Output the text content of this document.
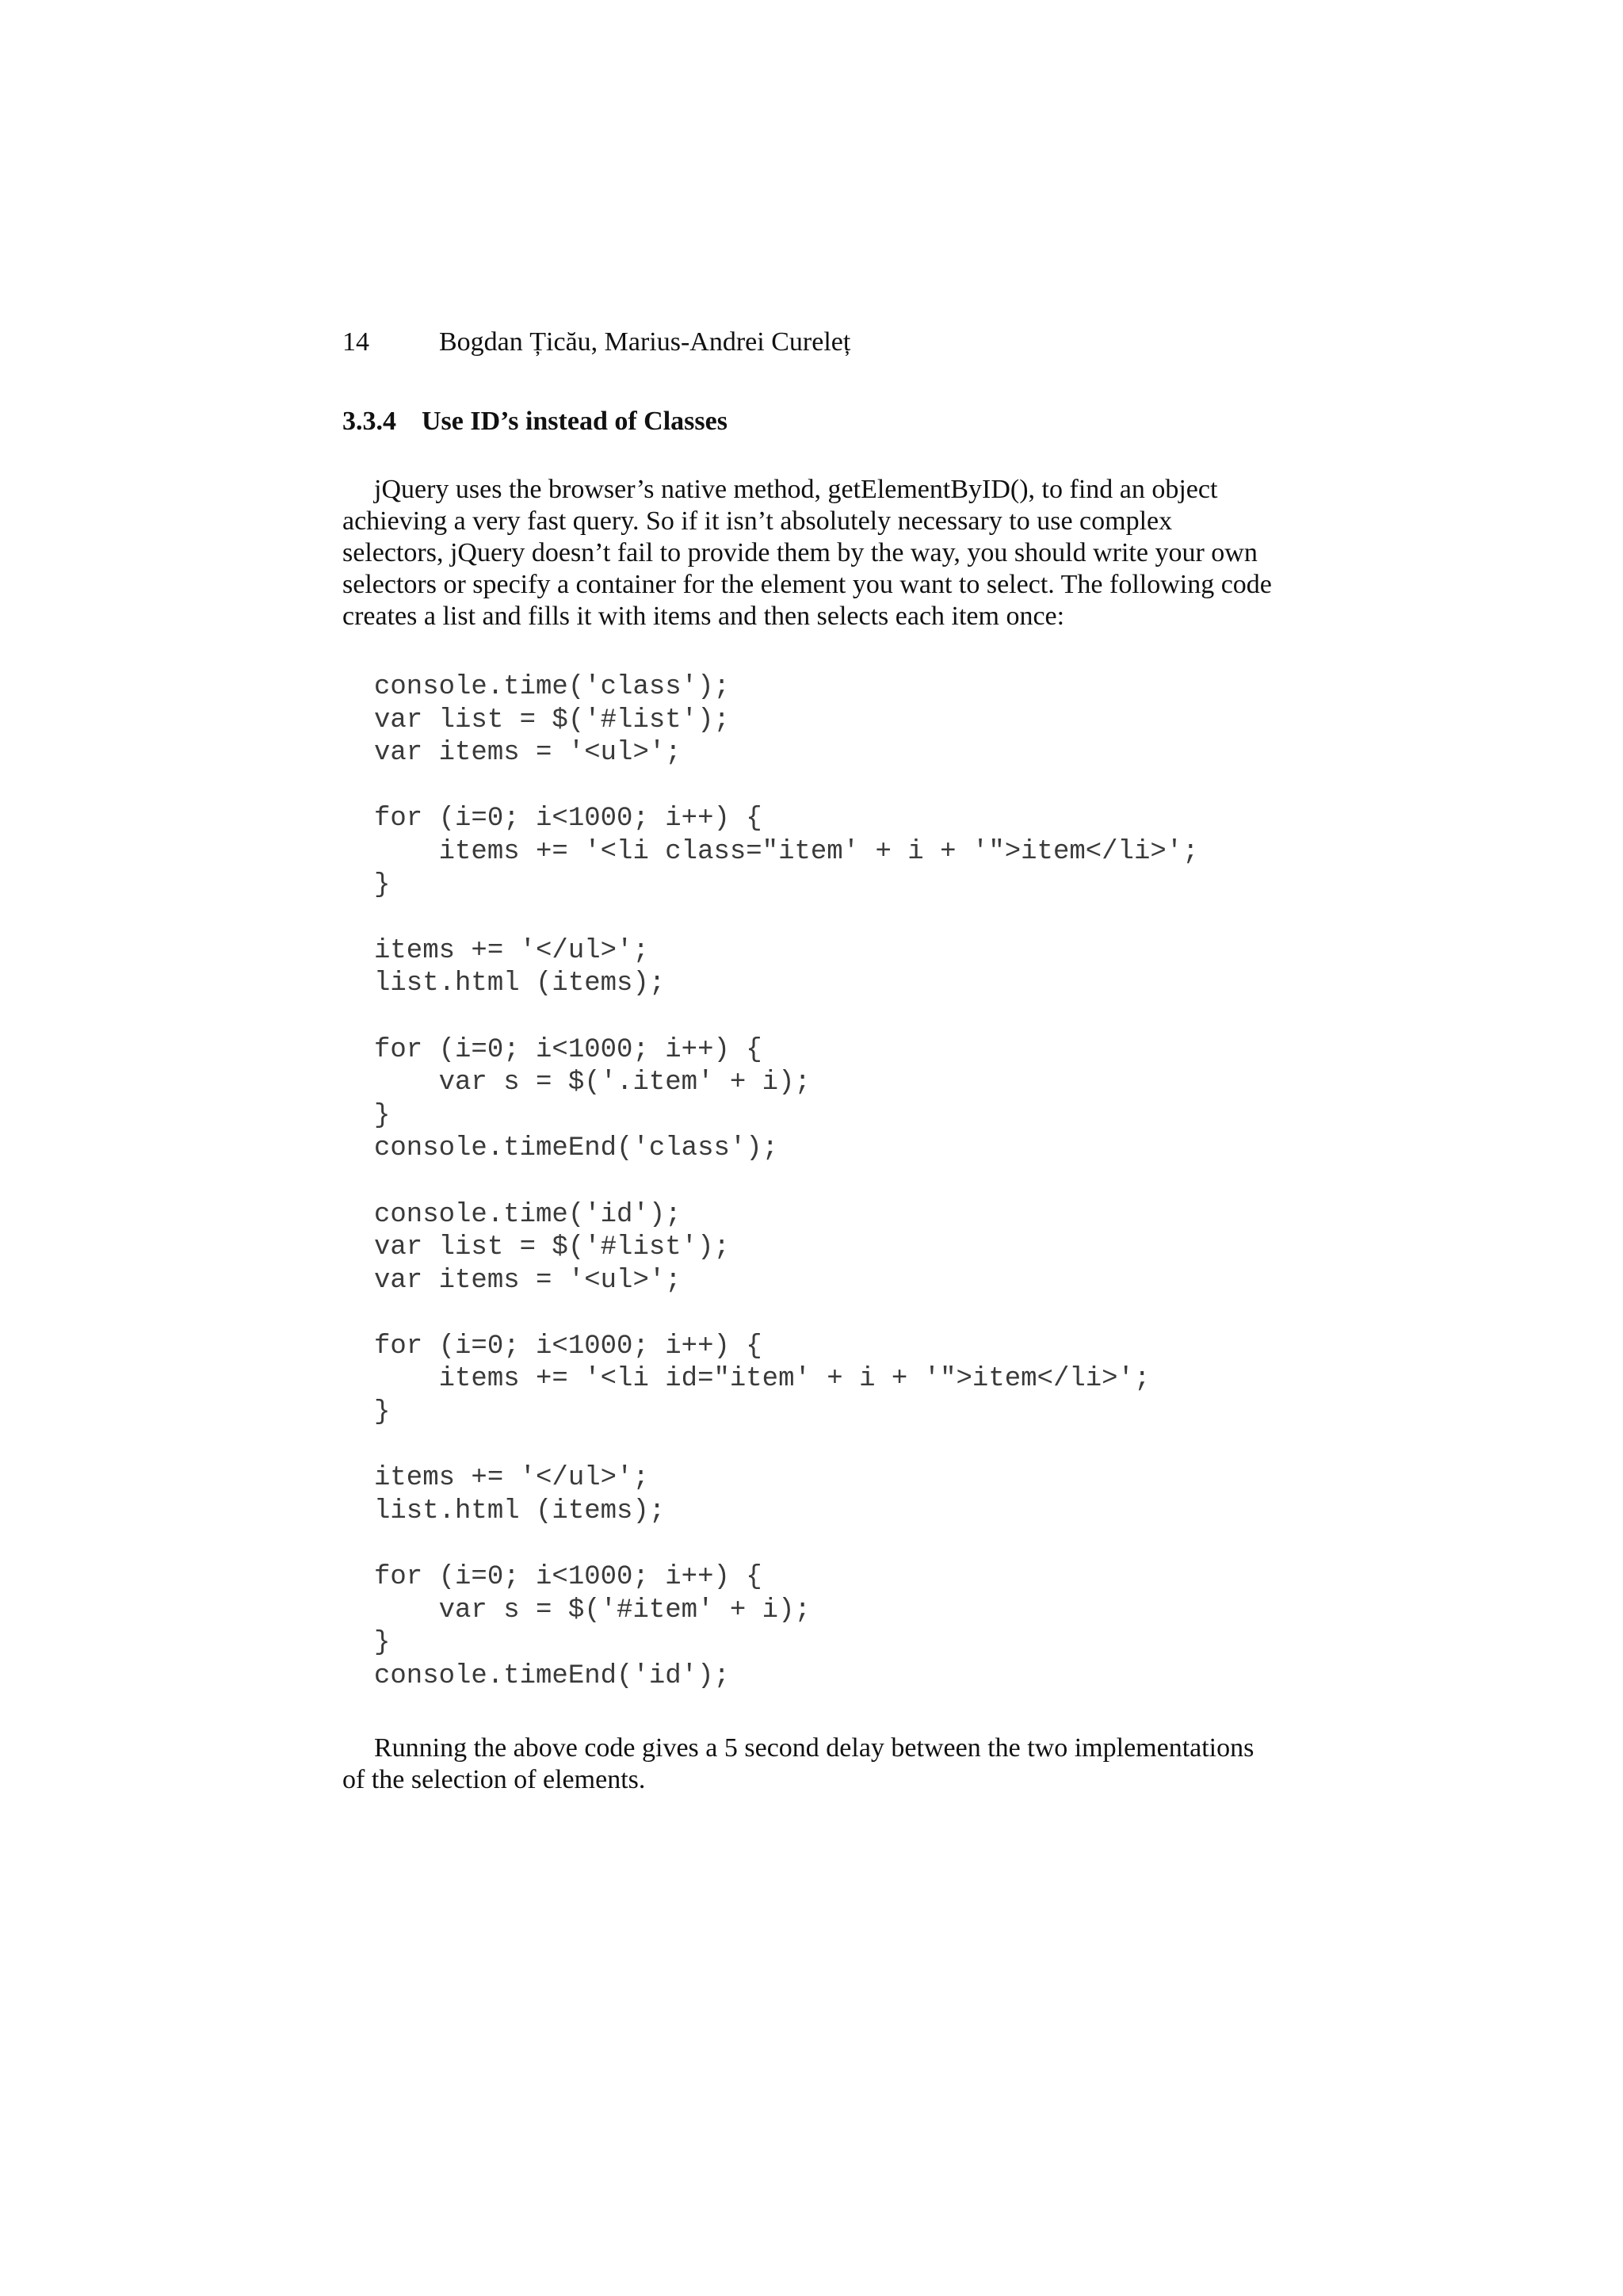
14	Bogdan Țicău, Marius-Andrei Cureleț
3.3.4 Use ID’s instead of Classes
jQuery uses the browser’s native method, getElementByID(), to find an object
achieving a very fast query. So if it isn’t absolutely necessary to use complex
selectors, jQuery doesn’t fail to provide them by the way, you should write your own
selectors or specify a container for the element you want to select. The following code
creates a list and fills it with items and then selects each item once:
console.time('class');
var list = $('#list');
var items = '<ul>';
for (i=0; i<1000; i++) {
items += '<li class="item' + i + '">item</li>';
}
items += '</ul>';
list.html (items);
for (i=0; i<1000; i++) {
var s = $('.item' + i);
}
console.timeEnd('class');
console.time('id');
var list = $('#list');
var items = '<ul>';
for (i=0; i<1000; i++) {
items += '<li id="item' + i + '">item</li>';
}
items += '</ul>';
list.html (items);
for (i=0; i<1000; i++) {
var s = $('#item' + i);
}
console.timeEnd('id');
Running the above code gives a 5 second delay between the two implementations
of the selection of elements.
